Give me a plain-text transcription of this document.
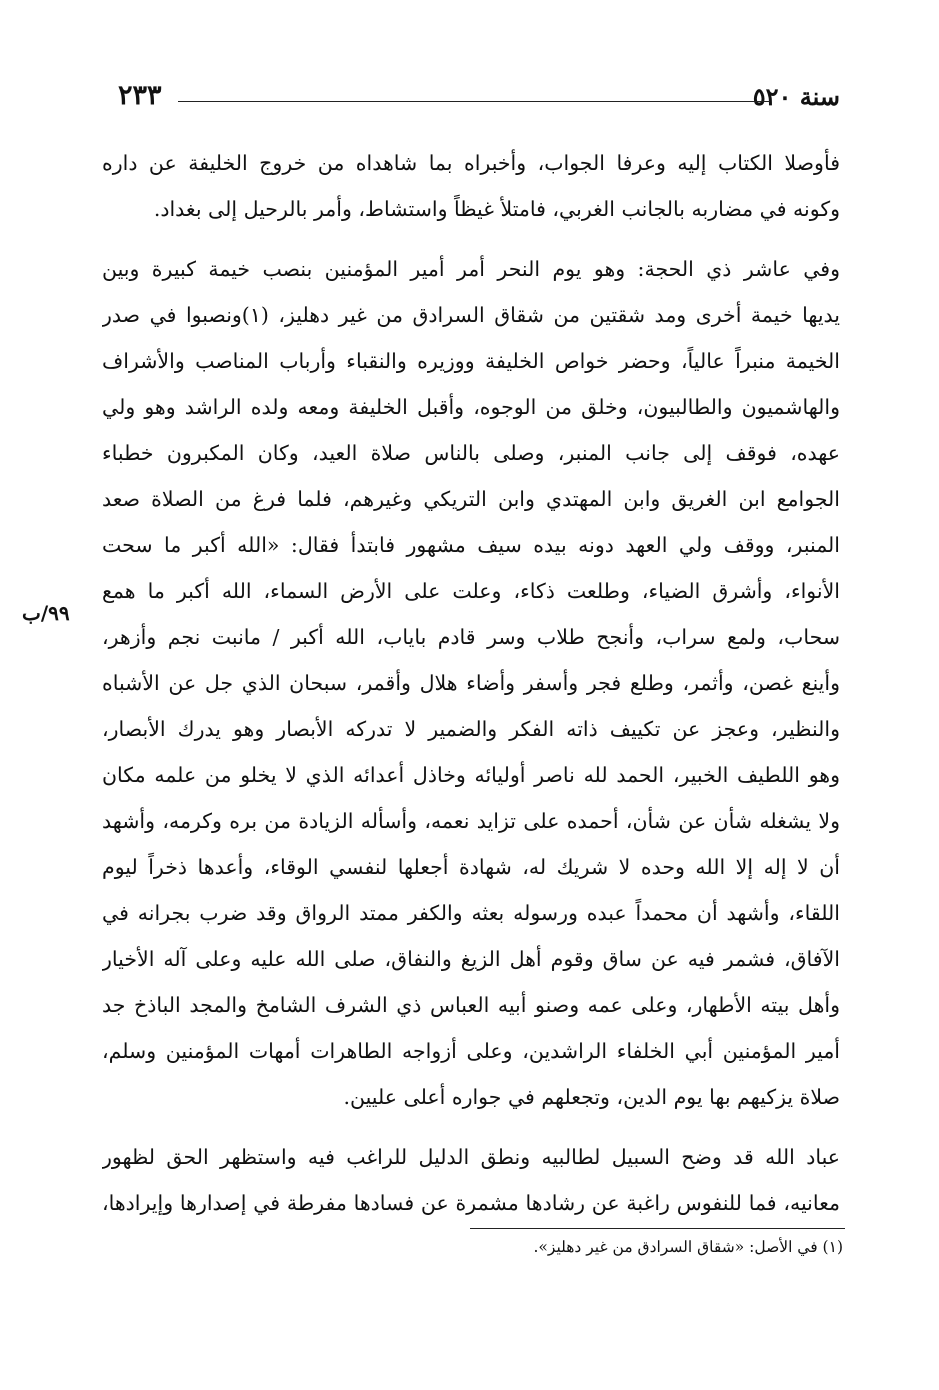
سنة ٥٢٠
٢٣٣
٩٩/ب
فأوصلا الكتاب إليه وعرفا الجواب، وأخبراه بما شاهداه من خروج الخليفة عن داره
وكونه في مضاربه بالجانب الغربي، فامتلأ غيظاً واستشاط، وأمر بالرحيل إلى بغداد.
وفي عاشر ذي الحجة: وهو يوم النحر أمر أمير المؤمنين بنصب خيمة كبيرة وبين
يديها خيمة أخرى ومد شقتين من شقاق السرادق من غير دهليز، (١)ونصبوا في صدر
الخيمة منبراً عالياً، وحضر خواص الخليفة ووزيره والنقباء وأرباب المناصب والأشراف
والهاشميون والطالبيون، وخلق من الوجوه، وأقبل الخليفة ومعه ولده الراشد وهو ولي
عهده، فوقف إلى جانب المنبر، وصلى بالناس صلاة العيد، وكان المكبرون خطباء
الجوامع ابن الغريق وابن المهتدي وابن التريكي وغيرهم، فلما فرغ من الصلاة صعد
المنبر، ووقف ولي العهد دونه بيده سيف مشهور فابتدأ فقال: «الله أكبر ما سحت
الأنواء، وأشرق الضياء، وطلعت ذكاء، وعلت على الأرض السماء، الله أكبر ما همع
سحاب، ولمع سراب، وأنجح طلاب وسر قادم باياب، الله أكبر / مانبت نجم وأزهر،
وأينع غصن، وأثمر، وطلع فجر وأسفر وأضاء هلال وأقمر، سبحان الذي جل عن الأشباه
والنظير، وعجز عن تكييف ذاته الفكر والضمير لا تدركه الأبصار وهو يدرك الأبصار،
وهو اللطيف الخبير، الحمد لله ناصر أوليائه وخاذل أعدائه الذي لا يخلو من علمه مكان
ولا يشغله شأن عن شأن، أحمده على تزايد نعمه، وأسأله الزيادة من بره وكرمه، وأشهد
أن لا إله إلا الله وحده لا شريك له، شهادة أجعلها لنفسي الوقاء، وأعدها ذخراً ليوم
اللقاء، وأشهد أن محمداً عبده ورسوله بعثه والكفر ممتد الرواق وقد ضرب بجرانه في
الآفاق، فشمر فيه عن ساق وقوم أهل الزيغ والنفاق، صلى الله عليه وعلى آله الأخيار
وأهل بيته الأطهار، وعلى عمه وصنو أبيه العباس ذي الشرف الشامخ والمجد الباذخ جد
أمير المؤمنين أبي الخلفاء الراشدين، وعلى أزواجه الطاهرات أمهات المؤمنين وسلم،
صلاة يزكيهم بها يوم الدين، وتجعلهم في جواره أعلى عليين.
عباد الله قد وضح السبيل لطالبيه ونطق الدليل للراغب فيه واستظهر الحق لظهور
معانيه، فما للنفوس راغبة عن رشادها مشمرة عن فسادها مفرطة في إصدارها وإيرادها،
(١) في الأصل: «شقاق السرادق من غير دهليز».
